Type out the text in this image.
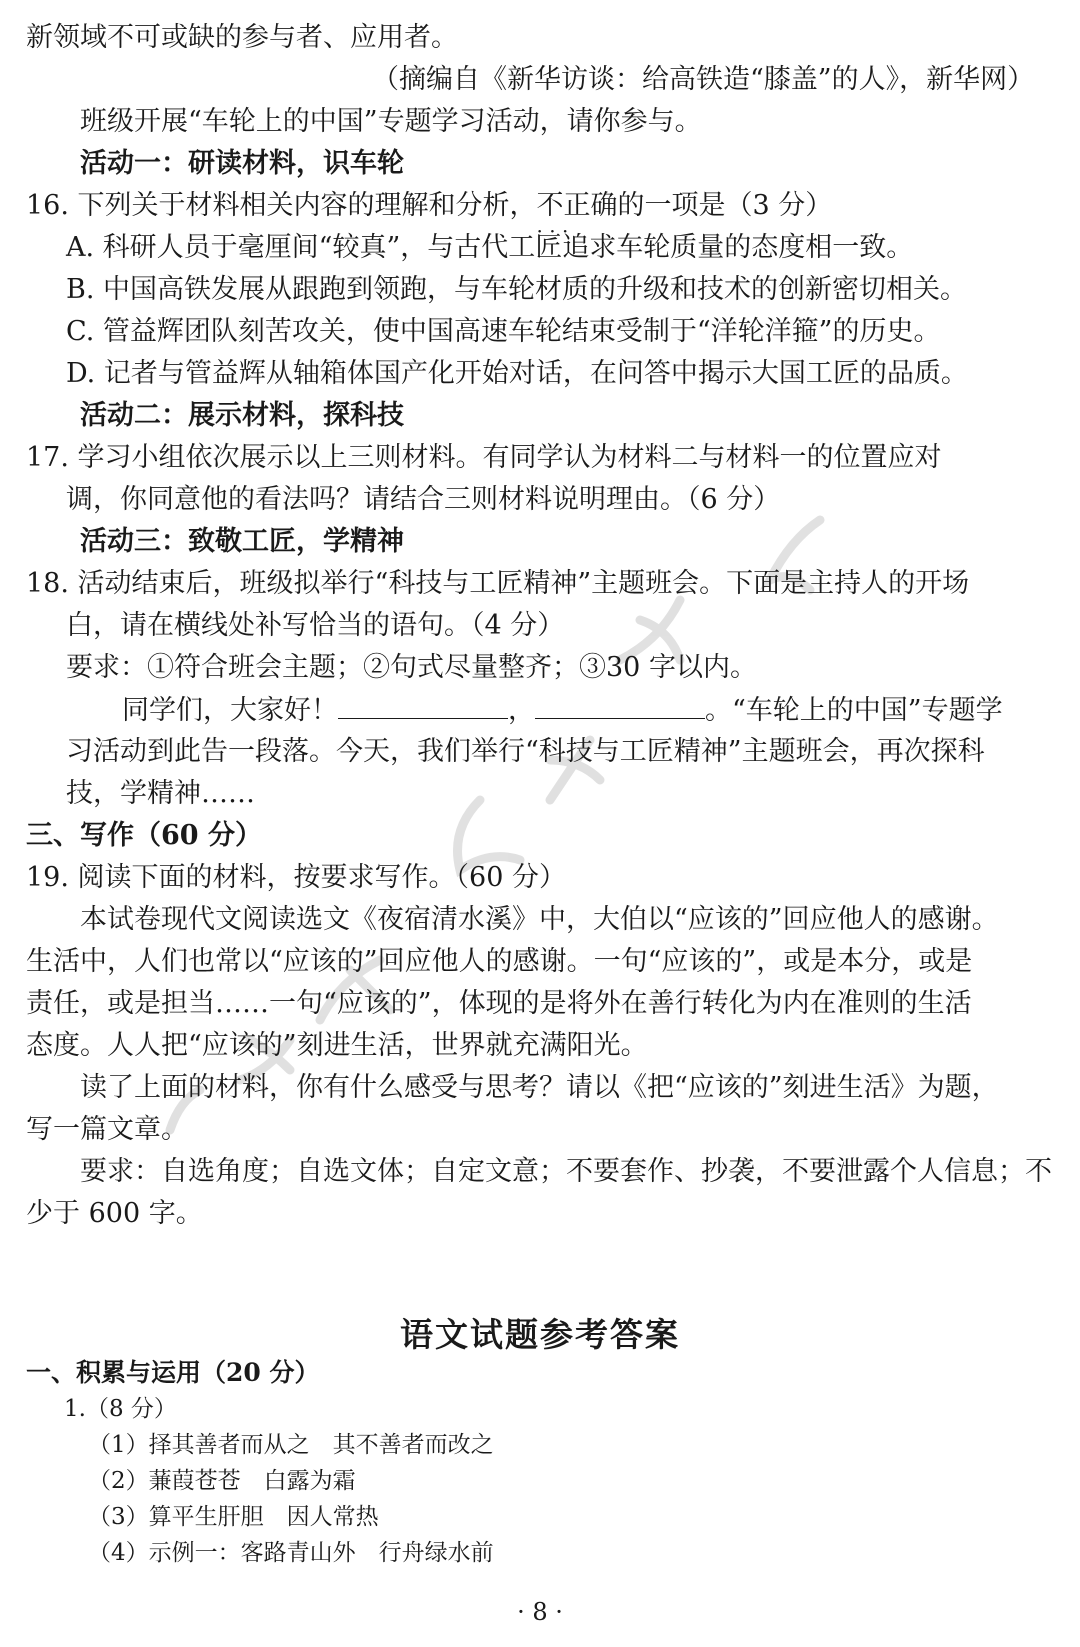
新领域不可或缺的参与者、应用者。
（摘编自《新华访谈：给高铁造“膝盖”的人》，新华网）
班级开展“车轮上的中国”专题学习活动，请你参与。
活动一：研读材料，识车轮
16. 下列关于材料相关内容的理解和分析，· · · 不正确的一项是（3 分）
A. 科研人员于毫厘间“较真”，与古代工匠追求车轮质量的态度相一致。
B. 中国高铁发展从跟跑到领跑，与车轮材质的升级和技术的创新密切相关。
C. 管益辉团队刻苦攻关，使中国高速车轮结束受制于“洋轮洋箍”的历史。
D. 记者与管益辉从轴箱体国产化开始对话，在问答中揭示大国工匠的品质。
活动二：展示材料，探科技
17. 学习小组依次展示以上三则材料。有同学认为材料二与材料一的位置应对
调，你同意他的看法吗？请结合三则材料说明理由。（6 分）
活动三：致敬工匠，学精神
18. 活动结束后，班级拟举行“科技与工匠精神”主题班会。下面是主持人的开场
白，请在横线处补写恰当的语句。（4 分）
要求：①符合班会主题；②句式尽量整齐；③30 字以内。
同学们，大家好！	，	。“车轮上的中国”专题学
习活动到此告一段落。今天，我们举行“科技与工匠精神”主题班会，再次探科
技，学精神……
三、写作（60 分）
19. 阅读下面的材料，按要求写作。（60 分）
本试卷现代文阅读选文《夜宿清水溪》中，大伯以“应该的”回应他人的感谢。
生活中，人们也常以“应该的”回应他人的感谢。一句“应该的”，或是本分，或是
责任，或是担当……一句“应该的”，体现的是将外在善行转化为内在准则的生活
态度。人人把“应该的”刻进生活，世界就充满阳光。
读了上面的材料，你有什么感受与思考？请以《把“应该的”刻进生活》为题，
写一篇文章。
要求：自选角度；自选文体；自定文意；不要套作、抄袭，不要泄露个人信息；不
少于 600 字。
语文试题参考答案
一、积累与运用（20 分）
1.（8 分）
（1）择其善者而从之　其不善者而改之
（2）蒹葭苍苍　白露为霜
（3）算平生肝胆　因人常热
（4）示例一：客路青山外　行舟绿水前
· 8 ·
